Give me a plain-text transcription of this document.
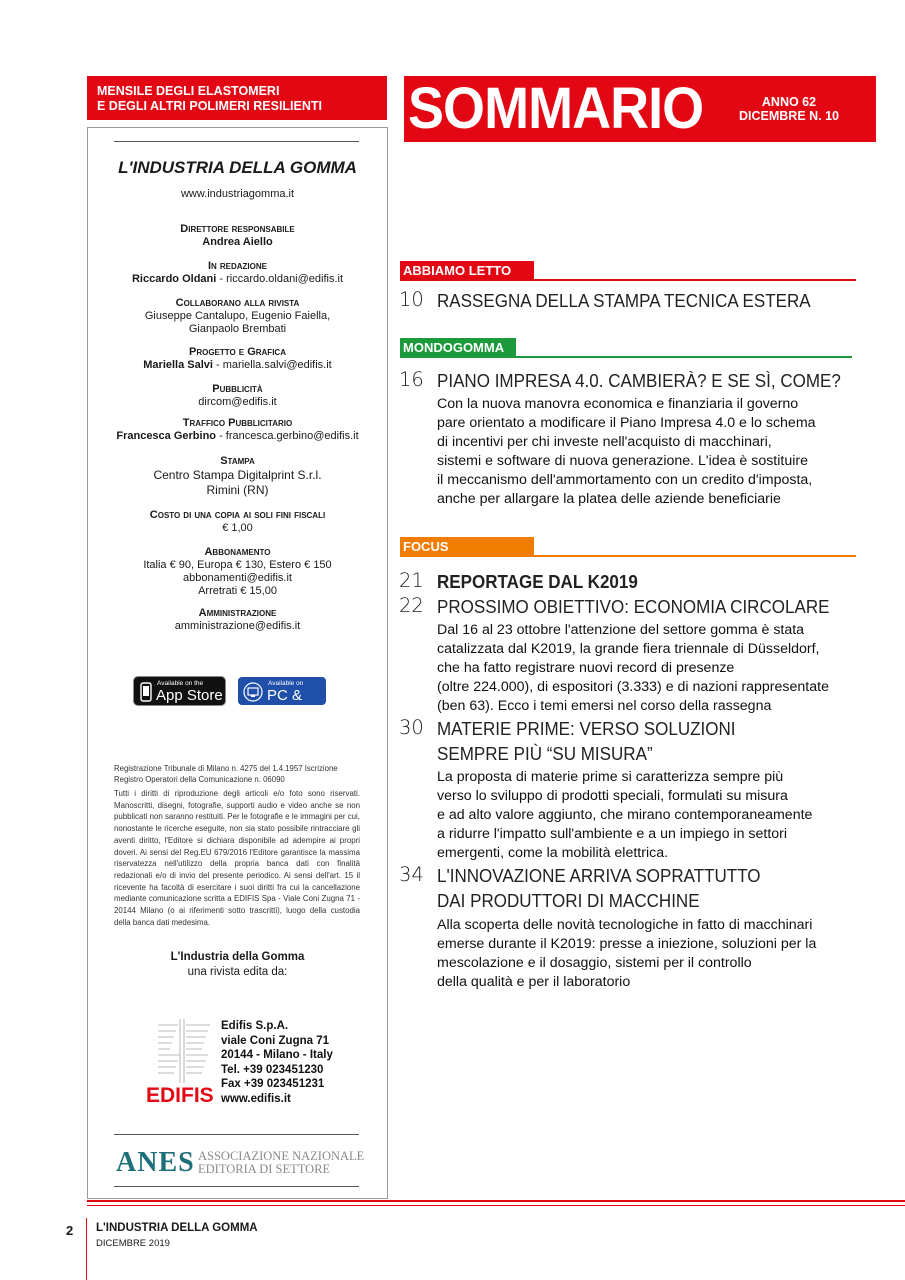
MENSILE DEGLI ELASTOMERI
E DEGLI ALTRI POLIMERI RESILIENTI	SOMMARIO	ANNO 62
DICEMBRE N. 10
L'INDUSTRIA DELLA GOMMA
www.industriagomma.it
Direttore responsabile
Andrea Aiello
In redazione
Riccardo Oldani - riccardo.oldani@edifis.it
Collaborano alla rivista
Giuseppe Cantalupo, Eugenio Faiella,
Gianpaolo Brembati
Progetto e Grafica
Mariella Salvi - mariella.salvi@edifis.it
Pubblicità
dircom@edifis.it
Traffico Pubblicitario
Francesca Gerbino - francesca.gerbino@edifis.it
Stampa
Centro Stampa Digitalprint S.r.l.
Rimini (RN)
Costo di una copia ai soli fini fiscali
€ 1,00
Abbonamento
Italia € 90, Europa € 130, Estero € 150
abbonamenti@edifis.it
Arretrati € 15,00
Amministrazione
amministrazione@edifis.it
Available on the
App Store
Available on
PC & Mac
Registrazione Tribunale di Milano n. 4275 del 1.4.1957 Iscrizione Registro Operatori della Comunicazione n. 06090
Tutti i diritti di riproduzione degli articoli e/o foto sono riservati. Manoscritti, disegni, fotografie, supporti audio e video anche se non pubblicati non saranno restituiti. Per le fotografie e le immagini per cui, nonostante le ricerche eseguite, non sia stato possibile rintracciare gli aventi diritto, l'Editore si dichiara disponibile ad adempire ai propri doveri. Ai sensi del Reg.EU 679/2016 l'Editore garantisce la massima riservatezza nell'utilizzo della propria banca dati con finalità redazionali e/o di invio del presente periodico. Ai sensi dell'art. 15 il ricevente ha facoltà di esercitare i suoi diritti fra cui la cancellazione mediante comunicazione scritta a EDIFIS Spa - Viale Coni Zugna 71 - 20144 Milano (o ai riferimenti sotto trascritti), luogo della custodia della banca dati medesima.
L'Industria della Gomma
una rivista edita da:
EDIFIS
Edifis S.p.A.
viale Coni Zugna 71
20144 - Milano - Italy
Tel. +39 023451230
Fax +39 023451231
www.edifis.it
ANES ASSOCIAZIONE NAZIONALE
EDITORIA DI SETTORE
ABBIAMO LETTO
10 RASSEGNA DELLA STAMPA TECNICA ESTERA
MONDOGOMMA
16 PIANO IMPRESA 4.0. CAMBIERÀ? E SE SÌ, COME?
Con la nuova manovra economica e finanziaria il governo
pare orientato a modificare il Piano Impresa 4.0 e lo schema
di incentivi per chi investe nell'acquisto di macchinari,
sistemi e software di nuova generazione. L'idea è sostituire
il meccanismo dell'ammortamento con un credito d'imposta,
anche per allargare la platea delle aziende beneficiarie
FOCUS
21 REPORTAGE DAL K2019
22 PROSSIMO OBIETTIVO: ECONOMIA CIRCOLARE
Dal 16 al 23 ottobre l'attenzione del settore gomma è stata
catalizzata dal K2019, la grande fiera triennale di Düsseldorf,
che ha fatto registrare nuovi record di presenze
(oltre 224.000), di espositori (3.333) e di nazioni rappresentate
(ben 63). Ecco i temi emersi nel corso della rassegna
30 MATERIE PRIME: VERSO SOLUZIONI
SEMPRE PIÙ “SU MISURA”
La proposta di materie prime si caratterizza sempre più
verso lo sviluppo di prodotti speciali, formulati su misura
e ad alto valore aggiunto, che mirano contemporaneamente
a ridurre l'impatto sull'ambiente e a un impiego in settori
emergenti, come la mobilità elettrica.
34 L'INNOVAZIONE ARRIVA SOPRATTUTTO
DAI PRODUTTORI DI MACCHINE
Alla scoperta delle novità tecnologiche in fatto di macchinari
emerse durante il K2019: presse a iniezione, soluzioni per la
mescolazione e il dosaggio, sistemi per il controllo
della qualità e per il laboratorio
2 L'INDUSTRIA DELLA GOMMA
DICEMBRE 2019
